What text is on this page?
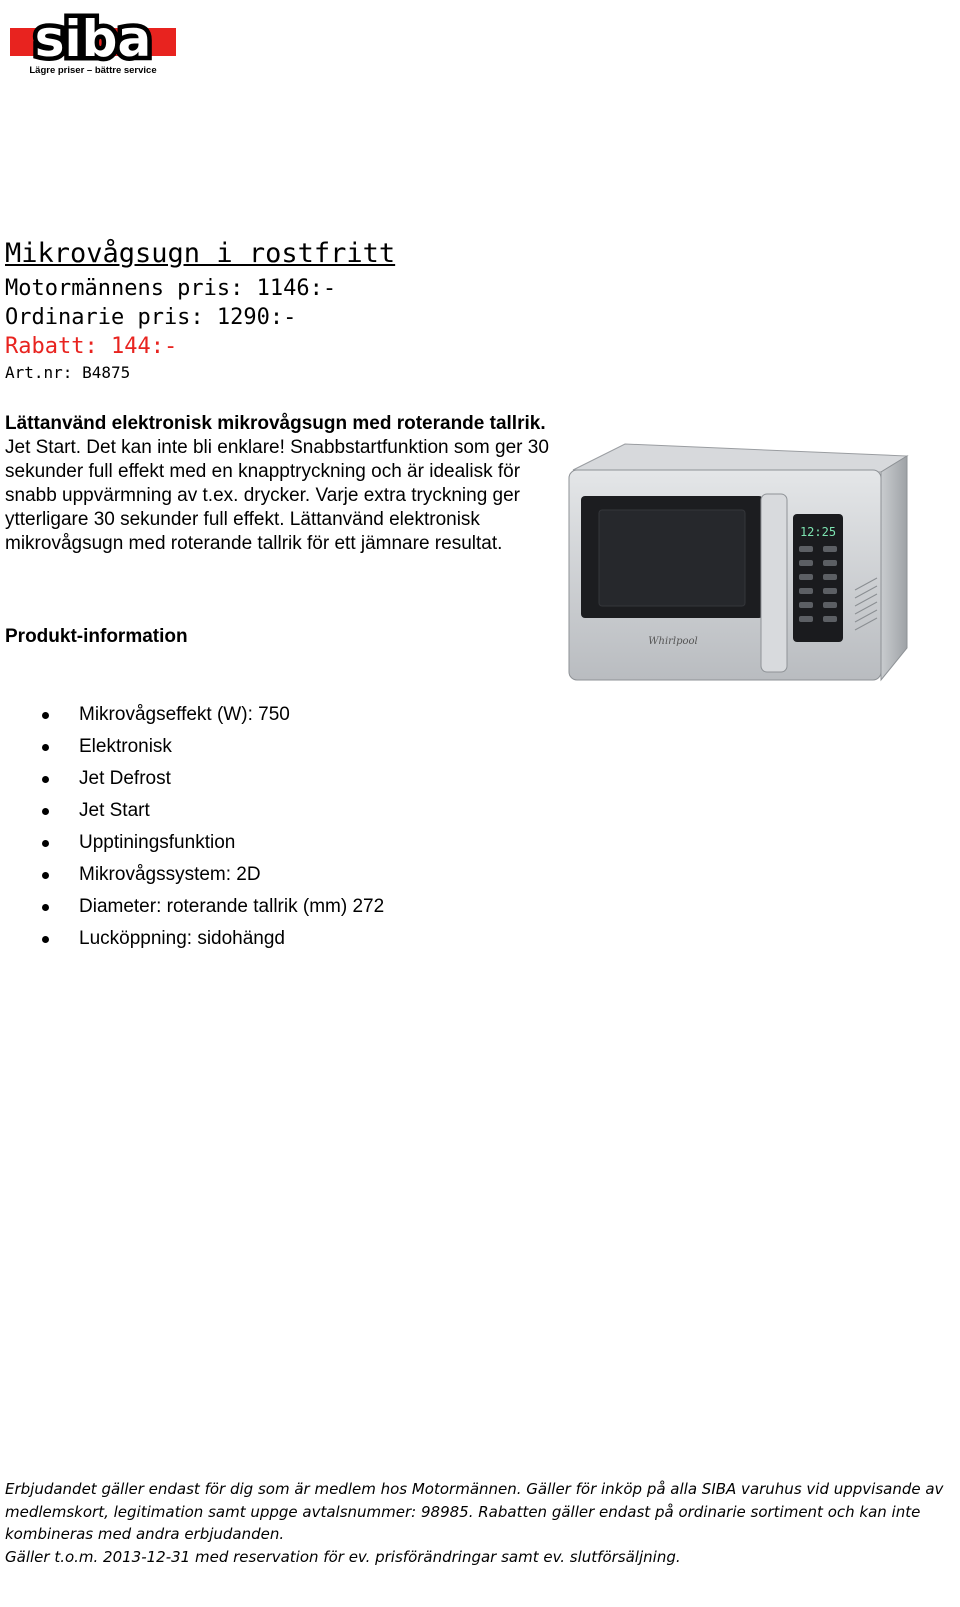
siba
Lägre priser – bättre service
Mikrovågsugn i rostfritt

Motormännens pris: 1146:-

Ordinarie pris: 1290:-

Rabatt: 144:-

Art.nr: B4875

Lättanvänd elektronisk mikrovågsugn med roterande tallrik.
Jet Start. Det kan inte bli enklare! Snabbstartfunktion som ger 30 sekunder full effekt med en knapptryckning och är idealisk för snabb uppvärmning av t.ex. drycker. Varje extra tryckning ger ytterligare 30 sekunder full effekt. Lättanvänd elektronisk mikrovågsugn med roterande tallrik för ett jämnare resultat.

Produkt-information

Mikrovågseffekt (W): 750
Elektronisk
Jet Defrost
Jet Start
Upptiningsfunktion
Mikrovågssystem: 2D
Diameter: roterande tallrik (mm) 272
Lucköppning: sidohängd
12:25
Whirlpool
Erbjudandet gäller endast för dig som är medlem hos Motormännen. Gäller för inköp på alla SIBA varuhus vid uppvisande av medlemskort, legitimation samt uppge avtalsnummer: 98985. Rabatten gäller endast på ordinarie sortiment och kan inte kombineras med andra erbjudanden.
Gäller t.o.m. 2013-12-31 med reservation för ev. prisförändringar samt ev. slutförsäljning.
